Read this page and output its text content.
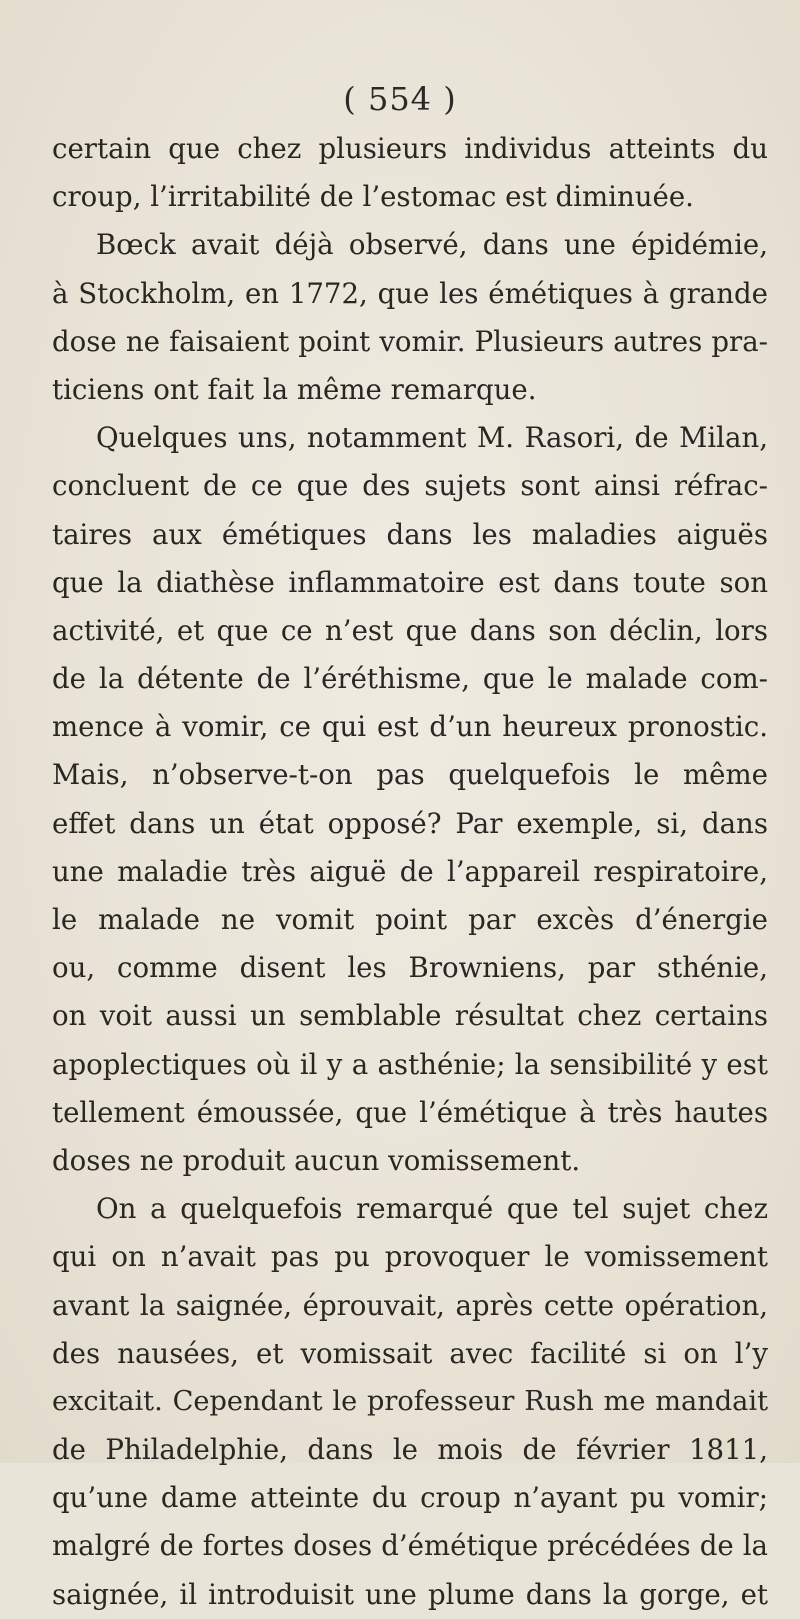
( 554 )
certain que chez plusieurs individus atteints du
croup, l’irritabilité de l’estomac est diminuée.
Bœck avait déjà observé, dans une épidémie,
à Stockholm, en 1772, que les émétiques à grande
dose ne faisaient point vomir. Plusieurs autres pra-
ticiens ont fait la même remarque.
Quelques uns, notamment M. Rasori, de Milan,
concluent de ce que des sujets sont ainsi réfrac-
taires aux émétiques dans les maladies aiguës
que la diathèse inflammatoire est dans toute son
activité, et que ce n’est que dans son déclin, lors
de la détente de l’éréthisme, que le malade com-
mence à vomir, ce qui est d’un heureux pronostic.
Mais, n’observe-t-on pas quelquefois le même
effet dans un état opposé? Par exemple, si, dans
une maladie très aiguë de l’appareil respiratoire,
le malade ne vomit point par excès d’énergie
ou, comme disent les Browniens, par sthénie,
on voit aussi un semblable résultat chez certains
apoplectiques où il y a asthénie; la sensibilité y est
tellement émoussée, que l’émétique à très hautes
doses ne produit aucun vomissement.
On a quelquefois remarqué que tel sujet chez
qui on n’avait pas pu provoquer le vomissement
avant la saignée, éprouvait, après cette opération,
des nausées, et vomissait avec facilité si on l’y
excitait. Cependant le professeur Rush me mandait
de Philadelphie, dans le mois de février 1811,
qu’une dame atteinte du croup n’ayant pu vomir;
malgré de fortes doses d’émétique précédées de la
saignée, il introduisit une plume dans la gorge, et
